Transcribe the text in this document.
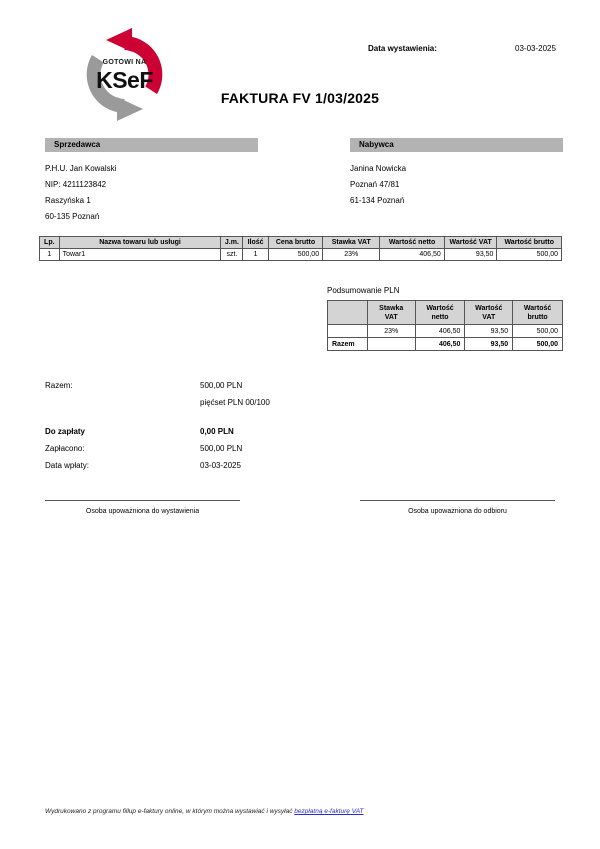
GOTOWI NA
KSeF
Data wystawienia:	03-03-2025
FAKTURA FV 1/03/2025
Sprzedawca
P.H.U. Jan Kowalski
NIP: 4211123842
Raszyńska 1
60-135 Poznań
Nabywca
Janina Nowicka
Poznań 47/81
61-134 Poznań
Lp.	Nazwa towaru lub usługi	J.m.	Ilość	Cena brutto	Stawka VAT	Wartość netto	Wartość VAT	Wartość brutto
1	Towar1	szt.	1	500,00	23%	406,50	93,50	500,00
Podsumowanie PLN
	Stawka VAT	Wartość netto	Wartość VAT	Wartość brutto
	23%	406,50	93,50	500,00
Razem		406,50	93,50	500,00
Razem:	500,00 PLN
pięćset PLN 00/100
Do zapłaty	0,00 PLN
Zapłacono:	500,00 PLN
Data wpłaty:	03-03-2025
Osoba upoważniona do wystawienia	Osoba upoważniona do odbioru
Wydrukowano z programu fillup e-faktury online, w którym można wystawiać i wysyłać bezpłatną e-fakturę VAT
